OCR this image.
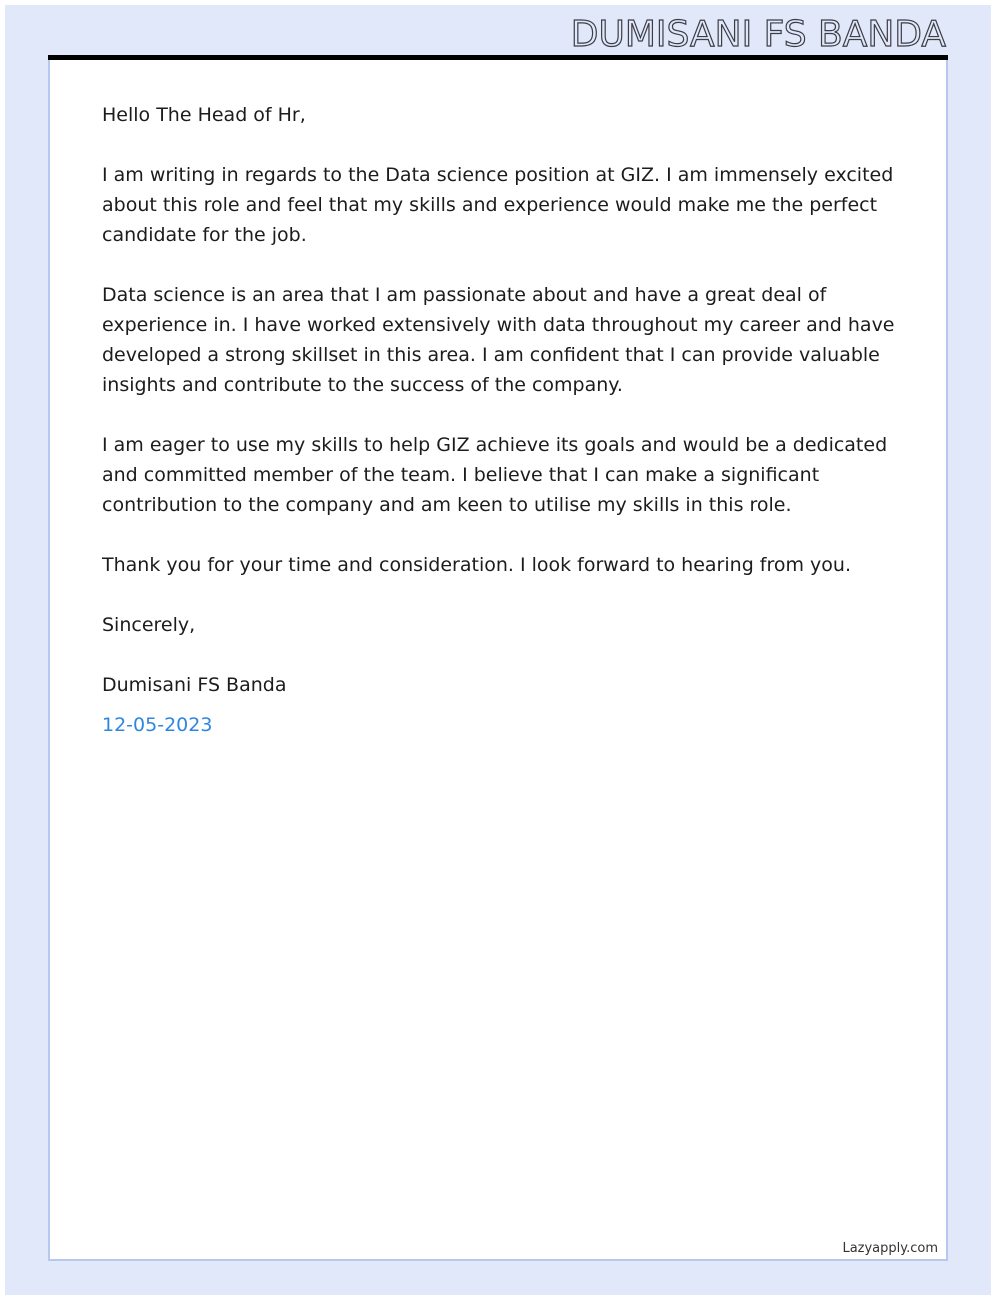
DUMISANI FS BANDA

Hello The Head of Hr,

I am writing in regards to the Data science position at GIZ. I am immensely excited about this role and feel that my skills and experience would make me the perfect candidate for the job.

Data science is an area that I am passionate about and have a great deal of experience in. I have worked extensively with data throughout my career and have developed a strong skillset in this area. I am confident that I can provide valuable insights and contribute to the success of the company.

I am eager to use my skills to help GIZ achieve its goals and would be a dedicated and committed member of the team. I believe that I can make a significant contribution to the company and am keen to utilise my skills in this role.

Thank you for your time and consideration. I look forward to hearing from you.

Sincerely,

Dumisani FS Banda

12-05-2023

Lazyapply.com
